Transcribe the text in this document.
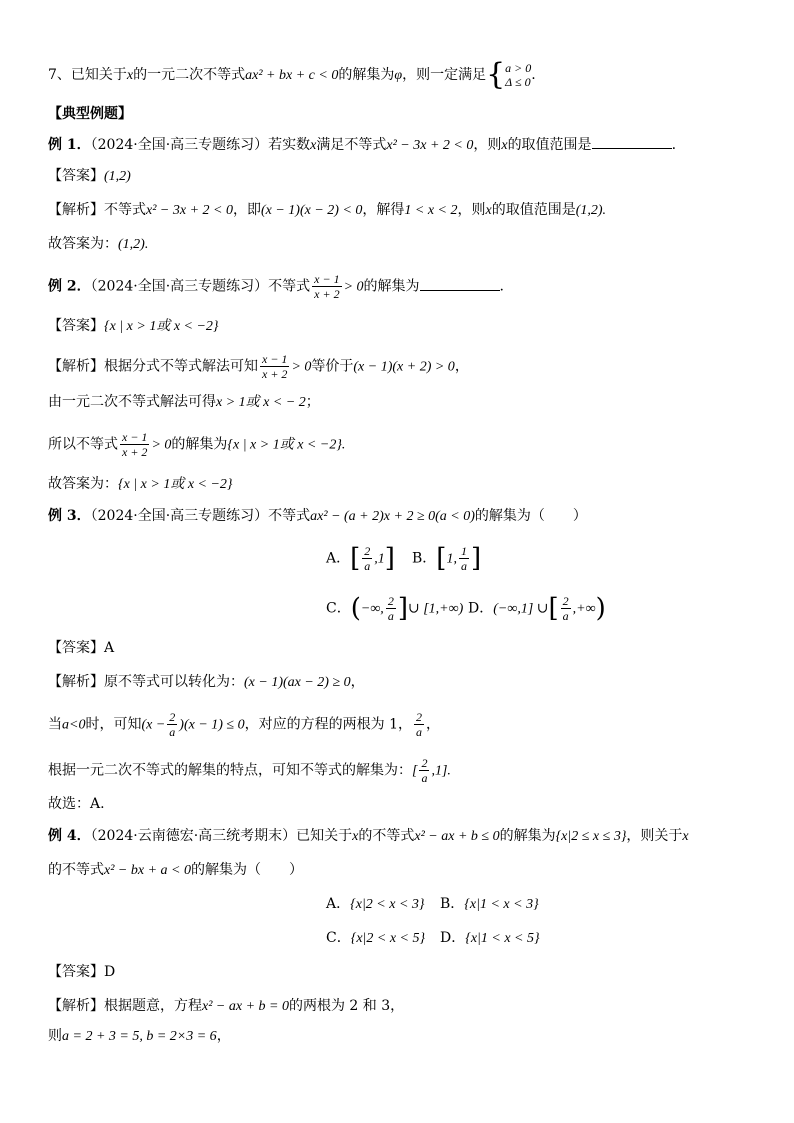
7、已知关于x的一元二次不等式ax² + bx + c < 0的解集为φ，则一定满足{ a > 0
Δ ≤ 0 .
【典型例题】
例 1．（2024·全国·高三专题练习）若实数x满足不等式x² − 3x + 2 < 0，则x的取值范围是	.
【答案】(1,2)
【解析】不等式x² − 3x + 2 < 0，即(x − 1)(x − 2) < 0，解得1 < x < 2，则x的取值范围是(1,2).
故答案为：(1,2).
例 2．（2024·全国·高三专题练习）不等式 $\frac{x - 1}{x + 2} > 0$的解集为	.
【答案】{x | x > 1或 x < −2}
【解析】根据分式不等式解法可知 $\frac{x - 1}{x + 2} > 0$等价于(x − 1)(x + 2) > 0，
由一元二次不等式解法可得x > 1或 x < − 2；
所以不等式 $\frac{x - 1}{x + 2} > 0$的解集为{x | x > 1或 x < −2}.
故答案为：{x | x > 1或 x < −2}
例 3．（2024·全国·高三专题练习）不等式ax² − (a + 2)x + 2 ≥ 0(a < 0)的解集为（　　）
A．[ $\frac{2}{a} ,1$] B．[1, $\frac{1}{a}$ ]
C．(−∞, $\frac{2}{a}$ ]∪ [1,+∞) D．(−∞,1] ∪[ $\frac{2}{a}$ ,+∞)
【答案】A
【解析】原不等式可以转化为：(x − 1)(ax − 2) ≥ 0，
当a<0时，可知$(x - \frac{2}{a} )(x - 1) \le 0$，对应的方程的两根为 1， $\frac{2}{a}$ ，
根据一元二次不等式的解集的特点，可知不等式的解集为：[ $\frac{2}{a} ,1$].
故选：A.
例 4．（2024·云南德宏·高三统考期末）已知关于x的不等式x² − ax + b ≤ 0的解集为{x|2 ≤ x ≤ 3}，则关于x
的不等式x² − bx + a < 0的解集为（　　）
A．{x|2 < x < 3} B．{x|1 < x < 3}
C．{x|2 < x < 5} D．{x|1 < x < 5}
【答案】D
【解析】根据题意，方程x² − ax + b = 0的两根为 2 和 3，
则a = 2 + 3 = 5, b = 2×3 = 6，
